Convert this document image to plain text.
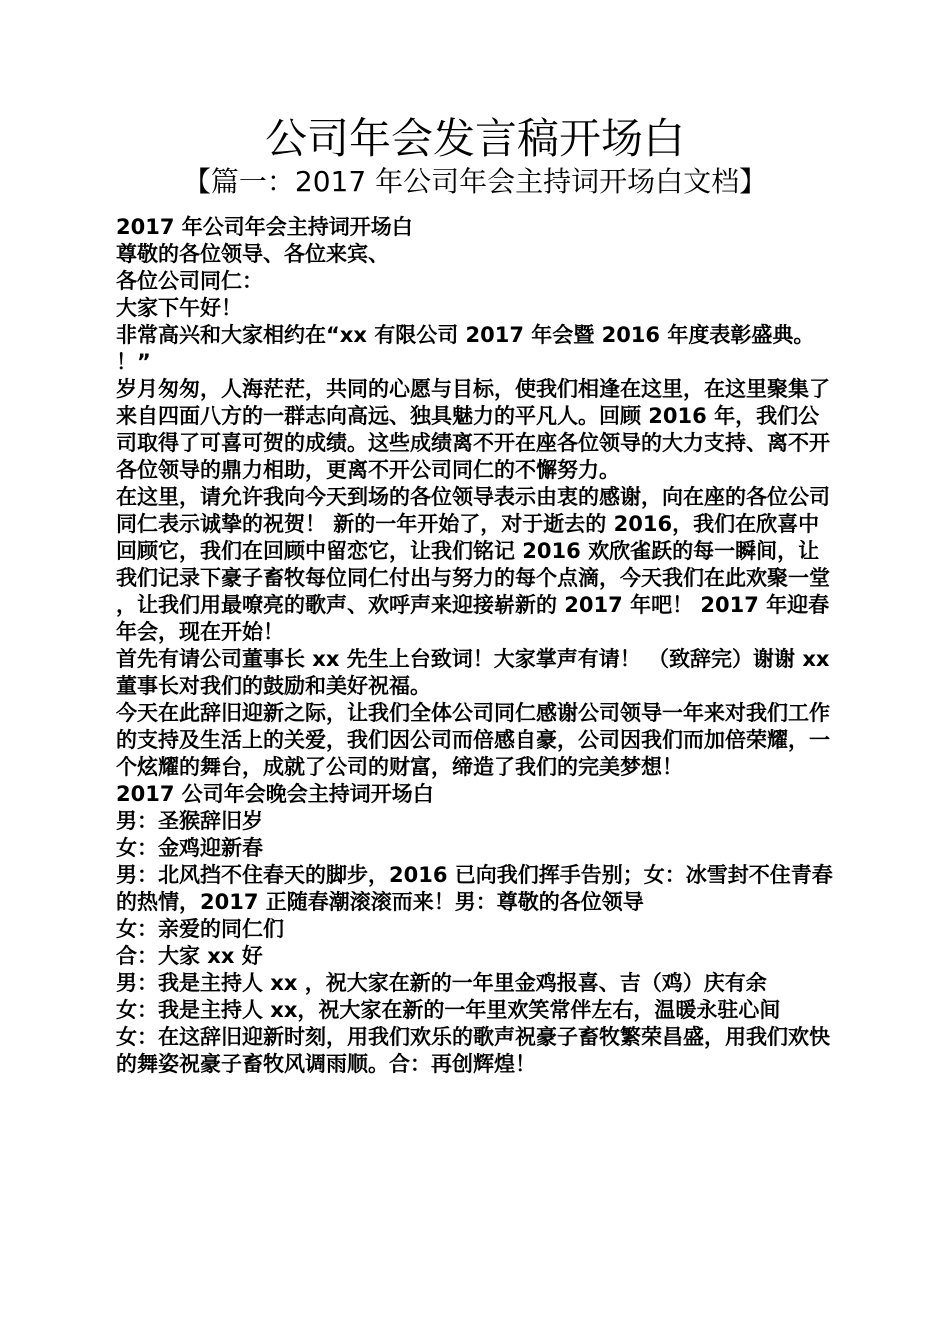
公司年会发言稿开场白
【篇一：2017 年公司年会主持词开场白文档】

2017 年公司年会主持词开场白

尊敬的各位领导、各位来宾、

各位公司同仁：

大家下午好！

非常高兴和大家相约在“xx 有限公司 2017 年会暨 2016 年度表彰盛典。！”

岁月匆匆，人海茫茫，共同的心愿与目标，使我们相逢在这里，在这里聚集了来自四面八方的一群志向高远、独具魅力的平凡人。回顾 2016 年，我们公司取得了可喜可贺的成绩。这些成绩离不开在座各位领导的大力支持、离不开各位领导的鼎力相助，更离不开公司同仁的不懈努力。

在这里，请允许我向今天到场的各位领导表示由衷的感谢，向在座的各位公司同仁表示诚挚的祝贺！ 新的一年开始了，对于逝去的 2016，我们在欣喜中回顾它，我们在回顾中留恋它，让我们铭记 2016 欢欣雀跃的每一瞬间，让我们记录下豪子畜牧每位同仁付出与努力的每个点滴，今天我们在此欢聚一堂，让我们用最嘹亮的歌声、欢呼声来迎接崭新的 2017 年吧！ 2017 年迎春年会，现在开始！

首先有请公司董事长 xx 先生上台致词！大家掌声有请！ （致辞完）谢谢 xx 董事长对我们的鼓励和美好祝福。

今天在此辞旧迎新之际，让我们全体公司同仁感谢公司领导一年来对我们工作的支持及生活上的关爱，我们因公司而倍感自豪，公司因我们而加倍荣耀，一个炫耀的舞台，成就了公司的财富，缔造了我们的完美梦想！

2017 公司年会晚会主持词开场白

男：圣猴辞旧岁

女：金鸡迎新春

男：北风挡不住春天的脚步，2016 已向我们挥手告别；女：冰雪封不住青春的热情，2017 正随春潮滚滚而来！男：尊敬的各位领导

女：亲爱的同仁们

合：大家 xx 好

男：我是主持人 xx ，祝大家在新的一年里金鸡报喜、吉（鸡）庆有余

女：我是主持人 xx，祝大家在新的一年里欢笑常伴左右，温暖永驻心间

女：在这辞旧迎新时刻，用我们欢乐的歌声祝豪子畜牧繁荣昌盛，用我们欢快的舞姿祝豪子畜牧风调雨顺。合：再创辉煌！
